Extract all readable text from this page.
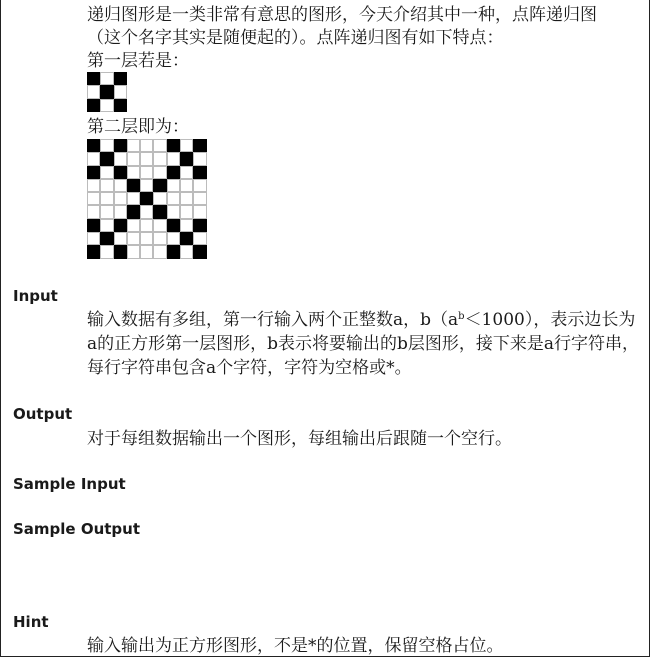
递归图形是一类非常有意思的图形，今天介绍其中一种，点阵递归图
（这个名字其实是随便起的）。点阵递归图有如下特点：
第一层若是：

第二层即为：

Input

输入数据有多组，第一行输入两个正整数a，$b(a^b<1000)$，表示边长为a的正方形第一层图形，b表示将要输出的b层图形，接下来是a行字符串，每行字符串包含a个字符，字符为空格或*。

Output

对于每组数据输出一个图形，每组输出后跟随一个空行。

Sample Input
Sample Output
Hint

输入输出为正方形图形，不是*的位置，保留空格占位。
